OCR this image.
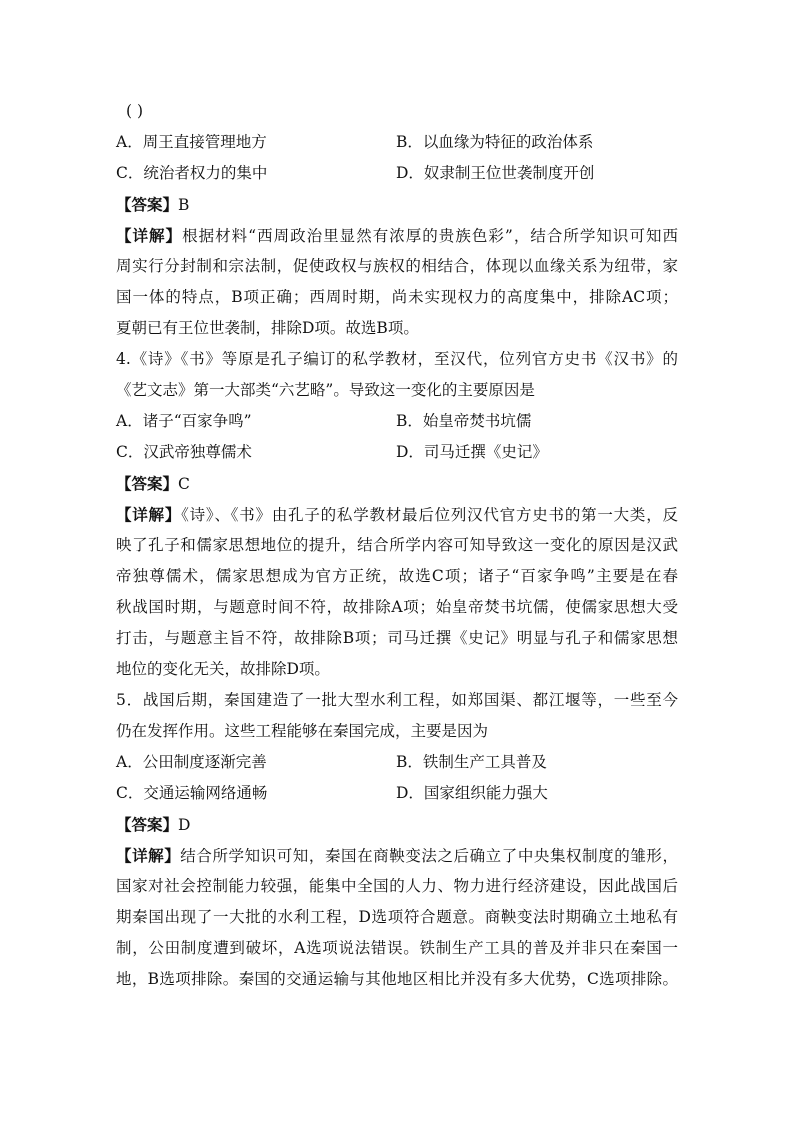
( )
A．周王直接管理地方	B．以血缘为特征的政治体系
C．统治者权力的集中	D．奴隶制王位世袭制度开创
【答案】B
【详解】根据材料“西周政治里显然有浓厚的贵族色彩”，结合所学知识可知西
周实行分封制和宗法制，促使政权与族权的相结合，体现以血缘关系为纽带，家
国一体的特点，B项正确；西周时期，尚未实现权力的高度集中，排除AC项；
夏朝已有王位世袭制，排除D项。故选B项。
4.《诗》《书》等原是孔子编订的私学教材，至汉代，位列官方史书《汉书》的
《艺文志》第一大部类“六艺略”。导致这一变化的主要原因是
A．诸子“百家争鸣”	B．始皇帝焚书坑儒
C．汉武帝独尊儒术	D．司马迁撰《史记》
【答案】C
【详解】《诗》、《书》由孔子的私学教材最后位列汉代官方史书的第一大类，反
映了孔子和儒家思想地位的提升，结合所学内容可知导致这一变化的原因是汉武
帝独尊儒术，儒家思想成为官方正统，故选C项；诸子“百家争鸣”主要是在春
秋战国时期，与题意时间不符，故排除A项；始皇帝焚书坑儒，使儒家思想大受
打击，与题意主旨不符，故排除B项；司马迁撰《史记》明显与孔子和儒家思想
地位的变化无关，故排除D项。
5．战国后期，秦国建造了一批大型水利工程，如郑国渠、都江堰等，一些至今
仍在发挥作用。这些工程能够在秦国完成，主要是因为
A．公田制度逐渐完善	B．铁制生产工具普及
C．交通运输网络通畅	D．国家组织能力强大
【答案】D
【详解】结合所学知识可知，秦国在商鞅变法之后确立了中央集权制度的雏形，
国家对社会控制能力较强，能集中全国的人力、物力进行经济建设，因此战国后
期秦国出现了一大批的水利工程，D选项符合题意。商鞅变法时期确立土地私有
制，公田制度遭到破坏，A选项说法错误。铁制生产工具的普及并非只在秦国一
地，B选项排除。秦国的交通运输与其他地区相比并没有多大优势，C选项排除。
